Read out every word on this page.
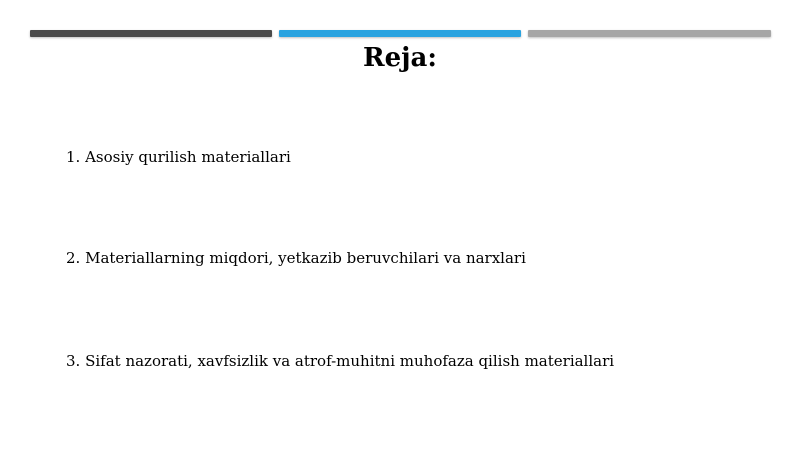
Reja:
1. Asosiy qurilish materiallari
2. Materiallarning miqdori, yetkazib beruvchilari va narxlari
3. Sifat nazorati, xavfsizlik va atrof-muhitni muhofaza qilish materiallari
